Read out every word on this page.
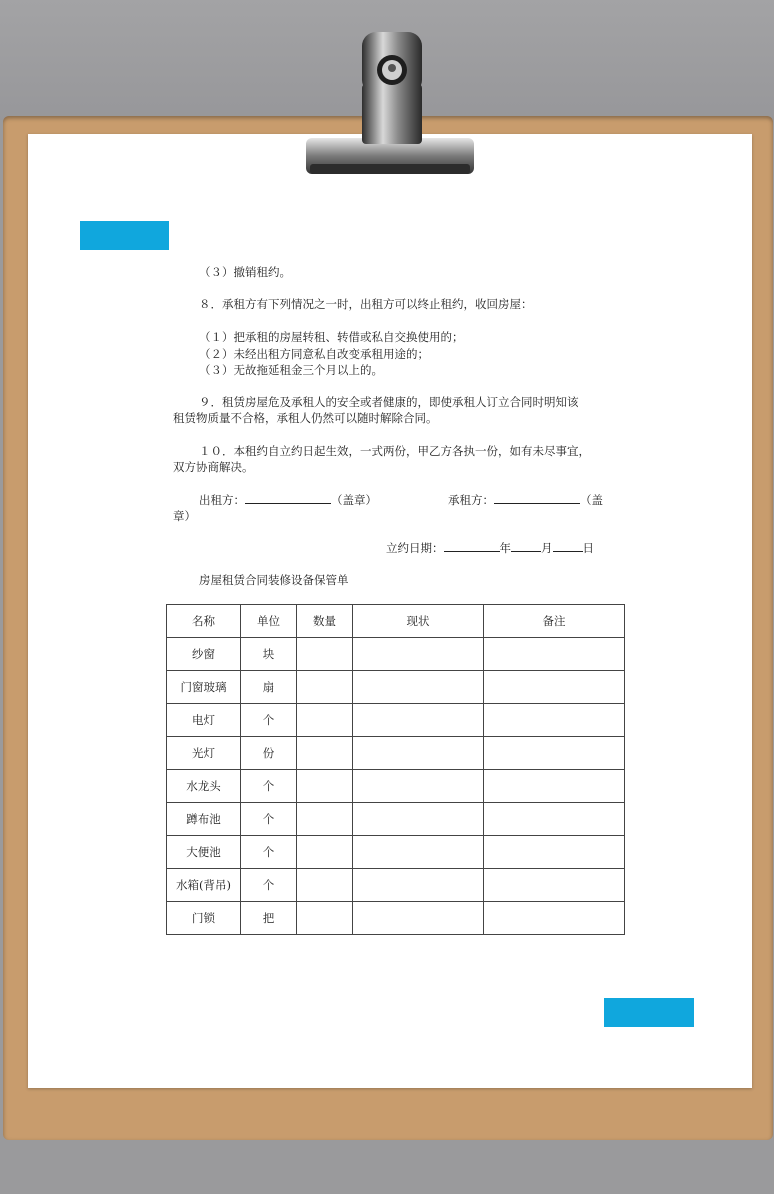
（３）撤销租约。
８．承租方有下列情况之一时，出租方可以终止租约，收回房屋：
（１）把承租的房屋转租、转借或私自交换使用的；
（２）未经出租方同意私自改变承租用途的；
（３）无故拖延租金三个月以上的。
９．租赁房屋危及承租人的安全或者健康的，即使承租人订立合同时明知该
租赁物质量不合格，承租人仍然可以随时解除合同。
１０．本租约自立约日起生效，一式两份，甲乙方各执一份，如有未尽事宜，
双方协商解决。
出租方：	（盖章）	承租方：	（盖
章）
立约日期：	年	月	日
房屋租赁合同装修设备保管单
名称	单位	数量	现状	备注
纱窗	块			
门窗玻璃	扇			
电灯	个			
光灯	份			
水龙头	个			
蹲布池	个			
大便池	个			
水箱(背吊)	个			
门锁	把			
